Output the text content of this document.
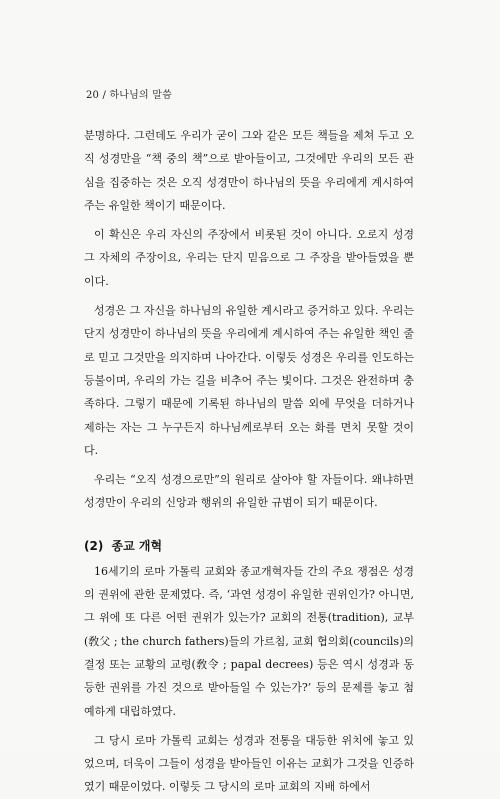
20 / 하나님의 말씀

분명하다. 그런데도 우리가 굳이 그와 같은 모든 책들을 제쳐 두고 오직 성경만을 “책 중의 책”으로 받아들이고, 그것에만 우리의 모든 관심을 집중하는 것은 오직 성경만이 하나님의 뜻을 우리에게 계시하여 주는 유일한 책이기 때문이다.

이 확신은 우리 자신의 주장에서 비롯된 것이 아니다. 오로지 성경 그 자체의 주장이요, 우리는 단지 믿음으로 그 주장을 받아들였을 뿐이다.

성경은 그 자신을 하나님의 유일한 계시라고 증거하고 있다. 우리는 단지 성경만이 하나님의 뜻을 우리에게 계시하여 주는 유일한 책인 줄로 믿고 그것만을 의지하며 나아간다. 이렇듯 성경은 우리를 인도하는 등불이며, 우리의 가는 길을 비추어 주는 빛이다. 그것은 완전하며 충족하다. 그렇기 때문에 기록된 하나님의 말씀 외에 무엇을 더하거나 제하는 자는 그 누구든지 하나님께로부터 오는 화를 면치 못할 것이다.

우리는 “오직 성경으로만”의 원리로 살아야 할 자들이다. 왜냐하면 성경만이 우리의 신앙과 행위의 유일한 규범이 되기 때문이다.

(2) 종교 개혁

16세기의 로마 가톨릭 교회와 종교개혁자들 간의 주요 쟁점은 성경의 권위에 관한 문제였다. 즉, ‘과연 성경이 유일한 권위인가? 아니면, 그 위에 또 다른 어떤 권위가 있는가? 교회의 전통(tradition), 교부(敎父 ; the church fathers)들의 가르침, 교회 협의회(councils)의 결정 또는 교황의 교령(敎令 ; papal decrees) 등은 역시 성경과 동등한 권위를 가진 것으로 받아들일 수 있는가?’ 등의 문제를 놓고 첨예하게 대립하였다.

그 당시 로마 가톨릭 교회는 성경과 전통을 대등한 위치에 놓고 있었으며, 더욱이 그들이 성경을 받아들인 이유는 교회가 그것을 인증하였기 때문이었다. 이렇듯 그 당시의 로마 교회의 지배 하에서
